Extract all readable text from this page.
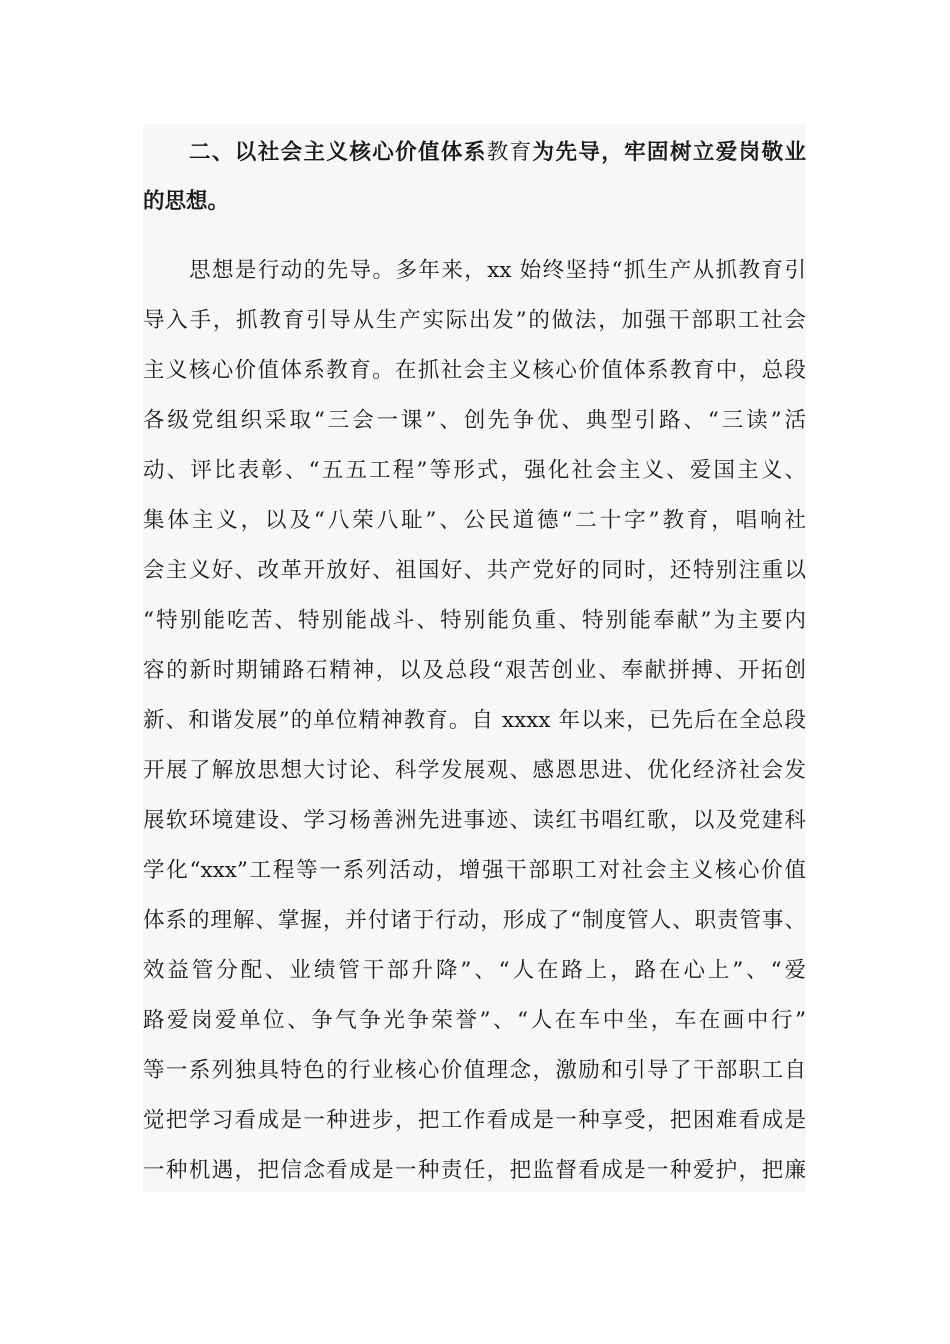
二、以社会主义核心价值体系教育为先导，牢固树立爱岗敬业
的思想。
思想是行动的先导。多年来，xx 始终坚持“抓生产从抓教育引
导入手，抓教育引导从生产实际出发”的做法，加强干部职工社会
主义核心价值体系教育。在抓社会主义核心价值体系教育中，总段
各级党组织采取“三会一课”、创先争优、典型引路、“三读”活
动、评比表彰、“五五工程”等形式，强化社会主义、爱国主义、
集体主义，以及“八荣八耻”、公民道德“二十字”教育，唱响社
会主义好、改革开放好、祖国好、共产党好的同时，还特别注重以
“特别能吃苦、特别能战斗、特别能负重、特别能奉献”为主要内
容的新时期铺路石精神，以及总段“艰苦创业、奉献拼搏、开拓创
新、和谐发展”的单位精神教育。自 xxxx 年以来，已先后在全总段
开展了解放思想大讨论、科学发展观、感恩思进、优化经济社会发
展软环境建设、学习杨善洲先进事迹、读红书唱红歌，以及党建科
学化“xxx”工程等一系列活动，增强干部职工对社会主义核心价值
体系的理解、掌握，并付诸于行动，形成了“制度管人、职责管事、
效益管分配、业绩管干部升降”、“人在路上，路在心上”、“爱
路爱岗爱单位、争气争光争荣誉”、“人在车中坐，车在画中行”
等一系列独具特色的行业核心价值理念，激励和引导了干部职工自
觉把学习看成是一种进步，把工作看成是一种享受，把困难看成是
一种机遇，把信念看成是一种责任，把监督看成是一种爱护，把廉
